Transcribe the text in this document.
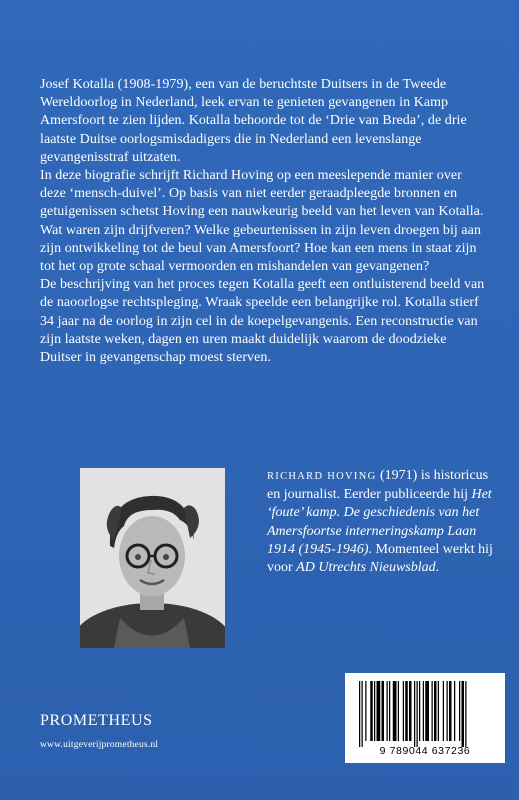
Josef Kotalla (1908-1979), een van de beruchtste Duitsers in de Tweede Wereldoorlog in Nederland, leek ervan te genieten gevangenen in Kamp Amersfoort te zien lijden. Kotalla behoorde tot de ‘Drie van Breda’, de drie laatste Duitse oorlogsmisdadigers die in Nederland een levenslange gevangenisstraf uitzaten.

In deze biografie schrijft Richard Hoving op een meeslepende manier over deze ‘mensch-duivel’. Op basis van niet eerder geraadpleegde bronnen en getuigenissen schetst Hoving een nauwkeurig beeld van het leven van Kotalla. Wat waren zijn drijfveren? Welke gebeurtenissen in zijn leven droegen bij aan zijn ontwikkeling tot de beul van Amersfoort? Hoe kan een mens in staat zijn tot het op grote schaal vermoorden en mishandelen van gevangenen?

De beschrijving van het proces tegen Kotalla geeft een ontluisterend beeld van de naoorlogse rechtspleging. Wraak speelde een belangrijke rol. Kotalla stierf 34 jaar na de oorlog in zijn cel in de koepelgevangenis. Een reconstructie van zijn laatste weken, dagen en uren maakt duidelijk waarom de doodzieke Duitser in gevangenschap moest sterven.

RICHARD HOVING (1971) is historicus en journalist. Eerder publiceerde hij Het ‘foute’ kamp. De geschiedenis van het Amersfoortse interneringskamp Laan 1914 (1945-1946). Momenteel werkt hij voor AD Utrechts Nieuwsblad.
PROMETHEUS
www.uitgeverijprometheus.nl	9 789044 637236
